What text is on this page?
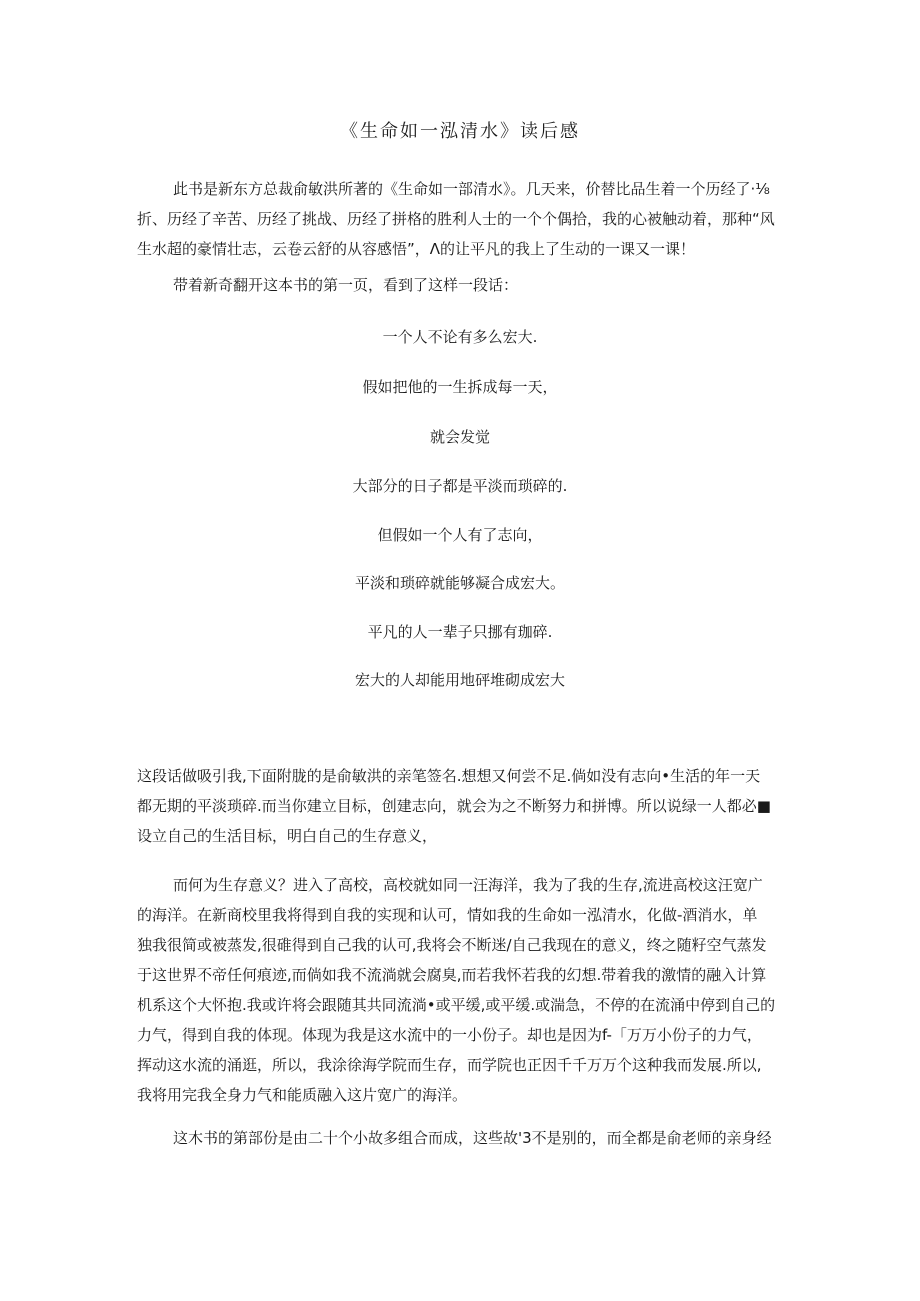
《生命如一泓清水》读后感
此书是新东方总裁俞敏洪所著的《生命如一部清水》。几天来，价替比品生着一个历经了·⅛
折、历经了辛苦、历经了挑战、历经了拼格的胜利人士的一个个偶拾，我的心被触动着，那种“风
生水超的豪情壮志，云卷云舒的从容感悟”，Λ的让平凡的我上了生动的一课又一课！
带着新奇翻开这本书的第一页，看到了这样一段话：
一个人不论有多么宏大.
假如把他的一生拆成每一天，
就会发觉
大部分的日子都是平淡而琐碎的.
但假如一个人有了志向，
平淡和琐碎就能够凝合成宏大。
平凡的人一辈子只挪有珈碎.
宏大的人却能用地砰堆砌成宏大
这段话做吸引我,下面附胧的是俞敏洪的亲笔签名.想想又何尝不足.倘如没有志向•生活的年一天
都无期的平淡琐碎.而当你建立目标，创建志向，就会为之不断努力和拼博。所以说绿一人都必■
设立自己的生活目标，明白自己的生存意义，
而何为生存意义？进入了高校，高校就如同一汪海洋，我为了我的生存,流进高校这汪宽广
的海洋。在新商校里我将得到自我的实现和认可，情如我的生命如一泓清水，化做-酒消水，单
独我很简或被蒸发,很碓得到自己我的认可,我将会不断迷/自己我现在的意义，终之随籽空气蒸发
于这世界不帝任何痕迹,而倘如我不流淌就会腐臭,而若我怀若我的幻想.带着我的激情的融入计算
机系这个大怀抱.我或许将会跟随其共同流淌•或平缓,或平缓.或湍急，不停的在流涌中停到自己的
力气，得到自我的体现。体现为我是这水流中的一小份子。却也是因为f-「万万小份子的力气，
挥动这水流的涌逛，所以，我涂徐海学院而生存，而学院也正因千千万万个这种我而发展.所以,
我将用完我全身力气和能质融入这片宽广的海洋。
这木书的第部份是由二十个小故多组合而成，这些故'3不是别的，而全都是俞老师的亲身经
